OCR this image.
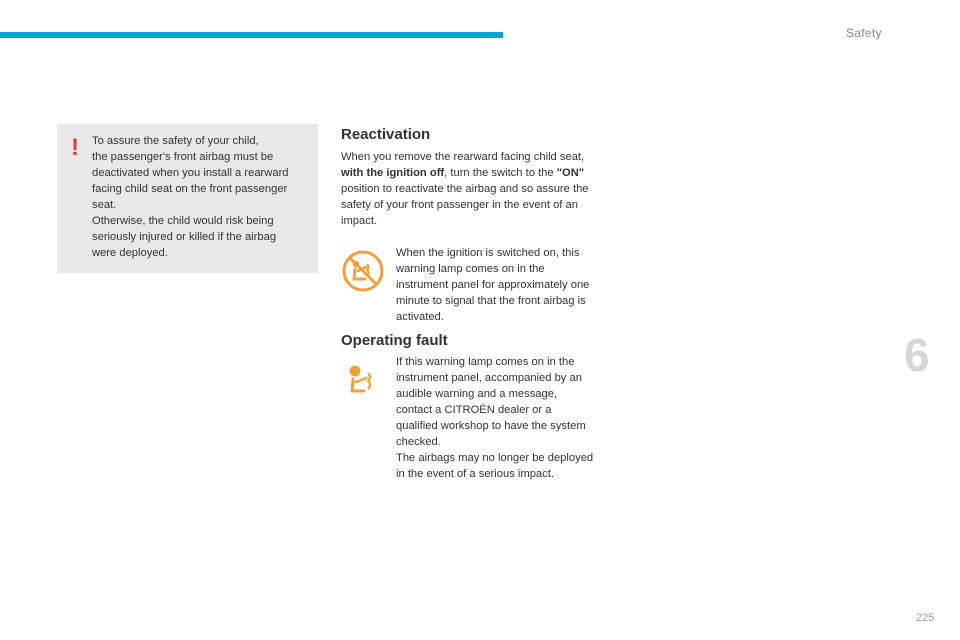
Safety
! To assure the safety of your child,

the passenger's front airbag must be

deactivated when you install a rearward

facing child seat on the front passenger

seat.

Otherwise, the child would risk being

seriously injured or killed if the airbag

were deployed.

Reactivation
When you remove the rearward facing child seat, with the ignition off, turn the switch to the "ON" position to reactivate the airbag and so assure the safety of your front passenger in the event of an impact.
When the ignition is switched on, this warning lamp comes on in the instrument panel for approximately one minute to signal that the front airbag is activated.
Operating fault

If this warning lamp comes on in the instrument panel, accompanied by an audible warning and a message, contact a CITROËN dealer or a qualified workshop to have the system checked.

The airbags may no longer be deployed in the event of a serious impact.

6
225
